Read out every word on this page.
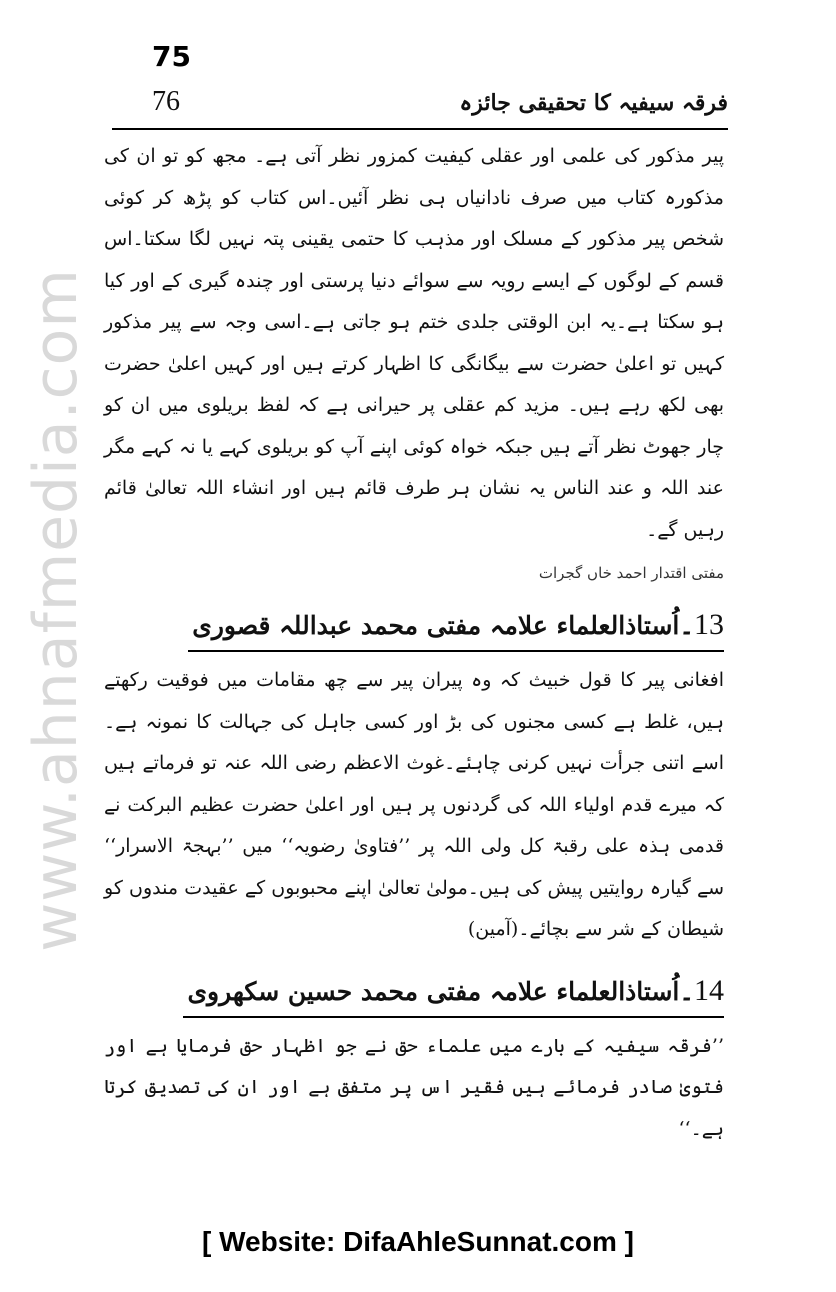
www.ahnafmedia.com
75
76	فرقہ سیفیہ کا تحقیقی جائزہ

پیر مذکور کی علمی اور عقلی کیفیت کمزور نظر آتی ہے۔ مجھ کو تو ان کی مذکورہ کتاب میں صرف نادانیاں ہی نظر آئیں۔اس کتاب کو پڑھ کر کوئی شخص پیر مذکور کے مسلک اور مذہب کا حتمی یقینی پتہ نہیں لگا سکتا۔اس قسم کے لوگوں کے ایسے رویہ سے سوائے دنیا پرستی اور چندہ گیری کے اور کیا ہو سکتا ہے۔یہ ابن الوقتی جلدی ختم ہو جاتی ہے۔اسی وجہ سے پیر مذکور کہیں تو اعلیٰ حضرت سے بیگانگی کا اظہار کرتے ہیں اور کہیں اعلیٰ حضرت بھی لکھ رہے ہیں۔ مزید کم عقلی پر حیرانی ہے کہ لفظ بریلوی میں ان کو چار جھوٹ نظر آتے ہیں جبکہ خواہ کوئی اپنے آپ کو بریلوی کہے یا نہ کہے مگر عند اللہ و عند الناس یہ نشان ہر طرف قائم ہیں اور انشاء اللہ تعالیٰ قائم رہیں گے۔

مفتی اقتدار احمد خاں گجرات

13۔اُستاذالعلماء علامہ مفتی محمد عبداللہ قصوری

افغانی پیر کا قول خبیث کہ وہ پیران پیر سے چھ مقامات میں فوقیت رکھتے ہیں، غلط ہے کسی مجنوں کی بڑ اور کسی جاہل کی جہالت کا نمونہ ہے۔اسے اتنی جرأت نہیں کرنی چاہئے۔غوث الاعظم رضی اللہ عنہ تو فرماتے ہیں کہ میرے قدم اولیاء اللہ کی گردنوں پر ہیں اور اعلیٰ حضرت عظیم البرکت نے قدمی ہذہ علی رقبۃ کل ولی اللہ پر ’’فتاویٰ رضویہ‘‘ میں ’’بہجۃ الاسرار‘‘ سے گیارہ روایتیں پیش کی ہیں۔مولیٰ تعالیٰ اپنے محبوبوں کے عقیدت مندوں کو شیطان کے شر سے بچائے۔(آمین)

14۔اُستاذالعلماء علامہ مفتی محمد حسین سکھروی

’’فرقہ سیفیہ کے بارے میں علماء حق نے جو اظہار حق فرمایا ہے اور فتویٰ صادر فرمائے ہیں فقیر اس پر متفق ہے اور ان کی تصدیق کرتا ہے۔‘‘

[ Website: DifaAhleSunnat.com ]
